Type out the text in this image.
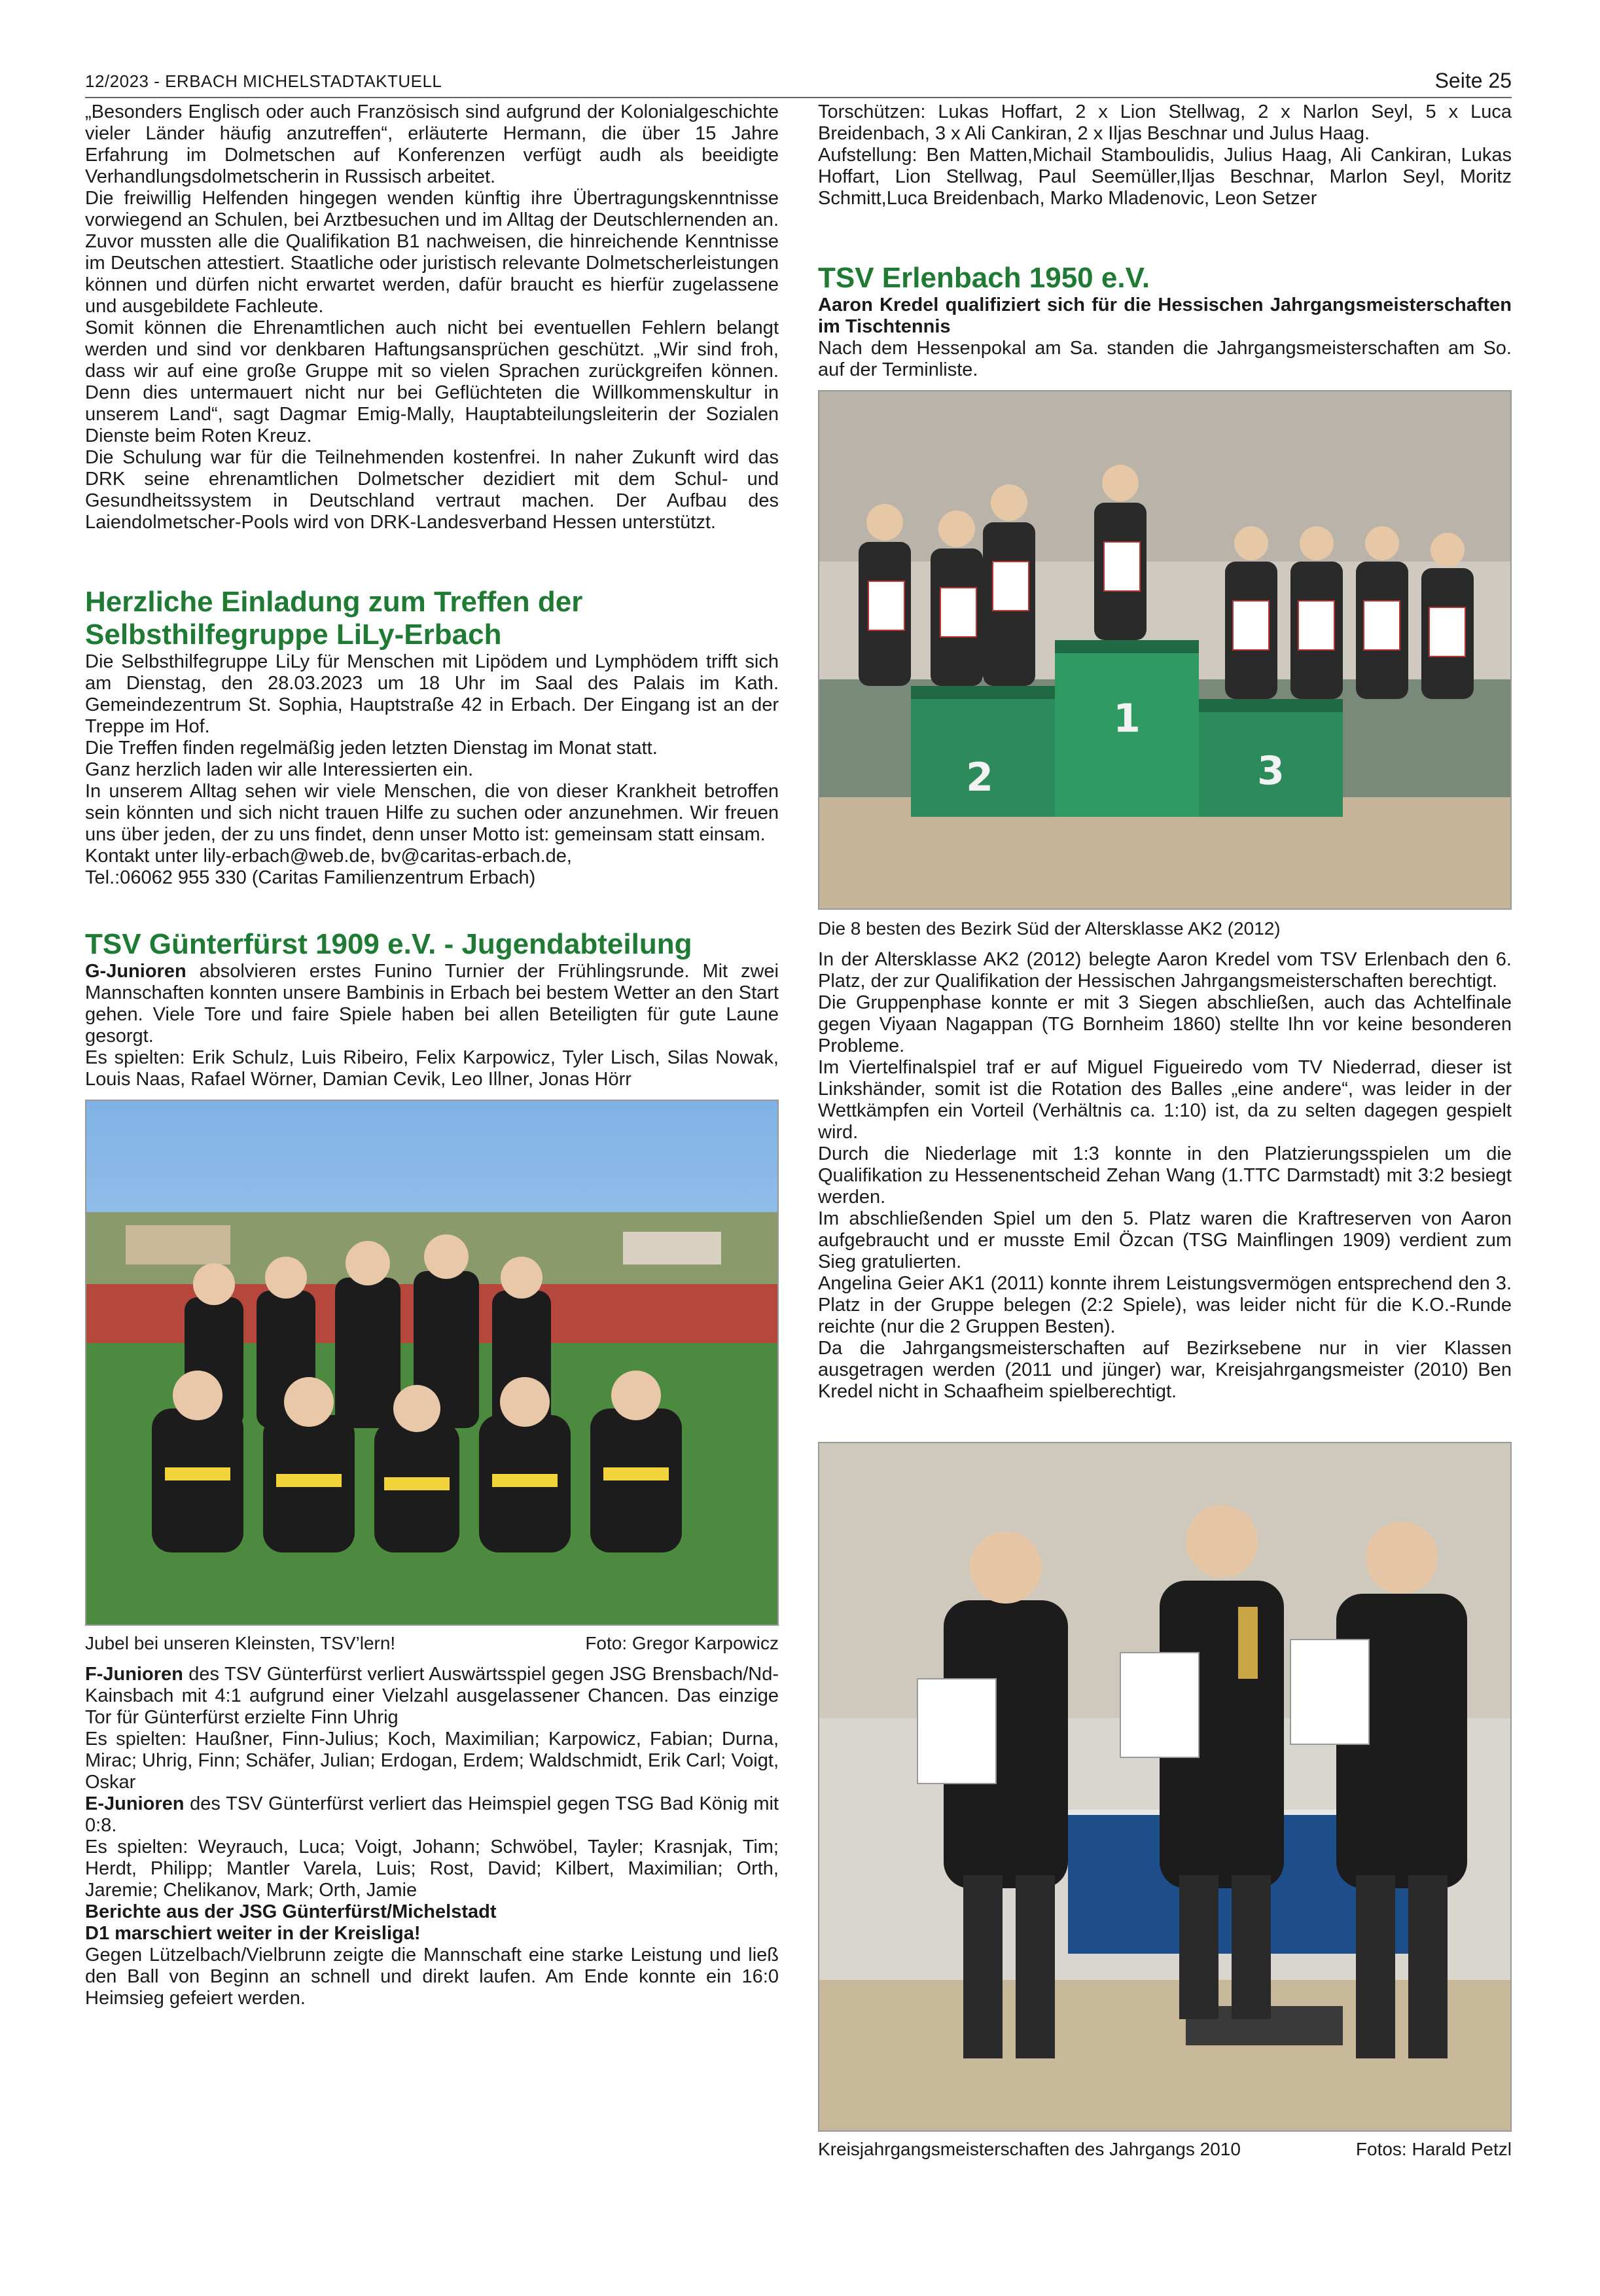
12/2023 - ERBACH MICHELSTADTAKTUELL	Seite 25

„Besonders Englisch oder auch Französisch sind aufgrund der Kolonialgeschichte vieler Länder häufig anzutreffen“, erläuterte Hermann, die über 15 Jahre Erfahrung im Dolmetschen auf Konferenzen verfügt audh als beeidigte Verhandlungsdolmetscherin in Russisch arbeitet.

Die freiwillig Helfenden hingegen wenden künftig ihre Übertragungskenntnisse vorwiegend an Schulen, bei Arztbesuchen und im Alltag der Deutschlernenden an. Zuvor mussten alle die Qualifikation B1 nachweisen, die hinreichende Kenntnisse im Deutschen attestiert. Staatliche oder juristisch relevante Dolmetscherleistungen können und dürfen nicht erwartet werden, dafür braucht es hierfür zugelassene und ausgebildete Fachleute.

Somit können die Ehrenamtlichen auch nicht bei eventuellen Fehlern belangt werden und sind vor denkbaren Haftungsansprüchen geschützt. „Wir sind froh, dass wir auf eine große Gruppe mit so vielen Sprachen zurückgreifen können. Denn dies untermauert nicht nur bei Geflüchteten die Willkommenskultur in unserem Land“, sagt Dagmar Emig-Mally, Hauptabteilungsleiterin der Sozialen Dienste beim Roten Kreuz.

Die Schulung war für die Teilnehmenden kostenfrei. In naher Zukunft wird das DRK seine ehrenamtlichen Dolmetscher dezidiert mit dem Schul- und Gesundheitssystem in Deutschland vertraut machen. Der Aufbau des Laiendolmetscher-Pools wird von DRK-Landesverband Hessen unterstützt.

Herzliche Einladung zum Treffen der Selbsthilfegruppe LiLy-Erbach

Die Selbsthilfegruppe LiLy für Menschen mit Lipödem und Lymphödem trifft sich am Dienstag, den 28.03.2023 um 18 Uhr im Saal des Palais im Kath. Gemeindezentrum St. Sophia, Hauptstraße 42 in Erbach. Der Eingang ist an der Treppe im Hof.

Die Treffen finden regelmäßig jeden letzten Dienstag im Monat statt.

Ganz herzlich laden wir alle Interessierten ein.

In unserem Alltag sehen wir viele Menschen, die von dieser Krankheit betroffen sein könnten und sich nicht trauen Hilfe zu suchen oder anzunehmen. Wir freuen uns über jeden, der zu uns findet, denn unser Motto ist: gemeinsam statt einsam.

Kontakt unter lily-erbach@web.de, bv@caritas-erbach.de,

Tel.:06062 955 330 (Caritas Familienzentrum Erbach)

TSV Günterfürst 1909 e.V. - Jugendabteilung

G-Junioren absolvieren erstes Funino Turnier der Frühlingsrunde. Mit zwei Mannschaften konnten unsere Bambinis in Erbach bei bestem Wetter an den Start gehen. Viele Tore und faire Spiele haben bei allen Beteiligten für gute Laune gesorgt.

Es spielten: Erik Schulz, Luis Ribeiro, Felix Karpowicz, Tyler Lisch, Silas Nowak, Louis Naas, Rafael Wörner, Damian Cevik, Leo Illner, Jonas Hörr

Jubel bei unseren Kleinsten, TSV’lern!	Foto: Gregor Karpowicz

F-Junioren des TSV Günterfürst verliert Auswärtsspiel gegen JSG Brensbach/Nd-Kainsbach mit 4:1 aufgrund einer Vielzahl ausgelassener Chancen. Das einzige Tor für Günterfürst erzielte Finn Uhrig

Es spielten: Haußner, Finn-Julius; Koch, Maximilian; Karpowicz, Fabian; Durna, Mirac; Uhrig, Finn; Schäfer, Julian; Erdogan, Erdem; Waldschmidt, Erik Carl; Voigt, Oskar

E-Junioren des TSV Günterfürst verliert das Heimspiel gegen TSG Bad König mit 0:8.

Es spielten: Weyrauch, Luca; Voigt, Johann; Schwöbel, Tayler; Krasnjak, Tim; Herdt, Philipp; Mantler Varela, Luis; Rost, David; Kilbert, Maximilian; Orth, Jaremie; Chelikanov, Mark; Orth, Jamie

Berichte aus der JSG Günterfürst/Michelstadt

D1 marschiert weiter in der Kreisliga!

Gegen Lützelbach/Vielbrunn zeigte die Mannschaft eine starke Leistung und ließ den Ball von Beginn an schnell und direkt laufen. Am Ende konnte ein 16:0 Heimsieg gefeiert werden.

Torschützen: Lukas Hoffart, 2 x Lion Stellwag, 2 x Narlon Seyl, 5 x Luca Breidenbach, 3 x Ali Cankiran, 2 x Iljas Beschnar und Julus Haag.

Aufstellung: Ben Matten,Michail Stamboulidis, Julius Haag, Ali Cankiran, Lukas Hoffart, Lion Stellwag, Paul Seemüller,Iljas Beschnar, Marlon Seyl, Moritz Schmitt,Luca Breidenbach, Marko Mladenovic, Leon Setzer

TSV Erlenbach 1950 e.V.

Aaron Kredel qualifiziert sich für die Hessischen Jahrgangsmeisterschaften im Tischtennis

Nach dem Hessenpokal am Sa. standen die Jahrgangsmeisterschaften am So. auf der Terminliste.

1
2	3
Die 8 besten des Bezirk Süd der Altersklasse AK2 (2012)

In der Altersklasse AK2 (2012) belegte Aaron Kredel vom TSV Erlenbach den 6. Platz, der zur Qualifikation der Hessischen Jahrgangsmeisterschaften berechtigt.

Die Gruppenphase konnte er mit 3 Siegen abschließen, auch das Achtelfinale gegen Viyaan Nagappan (TG Bornheim 1860) stellte Ihn vor keine besonderen Probleme.

Im Viertelfinalspiel traf er auf Miguel Figueiredo vom TV Niederrad, dieser ist Linkshänder, somit ist die Rotation des Balles „eine andere“, was leider in der Wettkämpfen ein Vorteil (Verhältnis ca. 1:10) ist, da zu selten dagegen gespielt wird.

Durch die Niederlage mit 1:3 konnte in den Platzierungsspielen um die Qualifikation zu Hessenentscheid Zehan Wang (1.TTC Darmstadt) mit 3:2 besiegt werden.

Im abschließenden Spiel um den 5. Platz waren die Kraftreserven von Aaron aufgebraucht und er musste Emil Özcan (TSG Mainflingen 1909) verdient zum Sieg gratulierten.

Angelina Geier AK1 (2011) konnte ihrem Leistungsvermögen entsprechend den 3. Platz in der Gruppe belegen (2:2 Spiele), was leider nicht für die K.O.-Runde reichte (nur die 2 Gruppen Besten).

Da die Jahrgangsmeisterschaften auf Bezirksebene nur in vier Klassen ausgetragen werden (2011 und jünger) war, Kreisjahrgangsmeister (2010) Ben Kredel nicht in Schaafheim spielberechtigt.

Kreisjahrgangsmeisterschaften des Jahrgangs 2010	Fotos: Harald Petzl
